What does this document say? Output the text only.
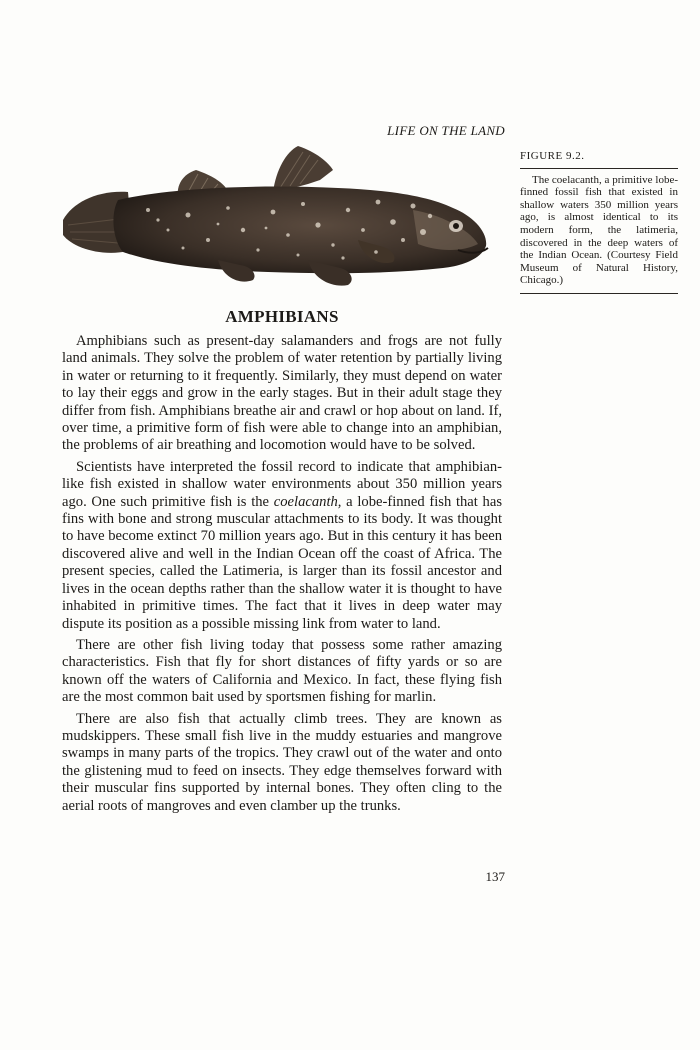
LIFE ON THE LAND
FIGURE 9.2.
The coelacanth, a primitive lobe-finned fossil fish that existed in shallow waters 350 million years ago, is almost identical to its modern form, the latimeria, discovered in the deep waters of the Indian Ocean. (Courtesy Field Museum of Natural History, Chicago.)
AMPHIBIANS

Amphibians such as present-day salamanders and frogs are not fully land animals. They solve the problem of water retention by partially living in water or returning to it frequently. Similarly, they must depend on water to lay their eggs and grow in the early stages. But in their adult stage they differ from fish. Amphibians breathe air and crawl or hop about on land. If, over time, a primitive form of fish were able to change into an amphibian, the problems of air breathing and locomotion would have to be solved.

Scientists have interpreted the fossil record to indicate that amphibian-like fish existed in shallow water environments about 350 million years ago. One such primitive fish is the coelacanth, a lobe-finned fish that has fins with bone and strong muscular attachments to its body. It was thought to have become extinct 70 million years ago. But in this century it has been discovered alive and well in the Indian Ocean off the coast of Africa. The present species, called the Latimeria, is larger than its fossil ancestor and lives in the ocean depths rather than the shallow water it is thought to have inhabited in primitive times. The fact that it lives in deep water may dispute its position as a possible missing link from water to land.

There are other fish living today that possess some rather amazing characteristics. Fish that fly for short distances of fifty yards or so are known off the waters of California and Mexico. In fact, these flying fish are the most common bait used by sportsmen fishing for marlin.

There are also fish that actually climb trees. They are known as mudskippers. These small fish live in the muddy estuaries and mangrove swamps in many parts of the tropics. They crawl out of the water and onto the glistening mud to feed on insects. They edge themselves forward with their muscular fins supported by internal bones. They often cling to the aerial roots of mangroves and even clamber up the trunks.

137
